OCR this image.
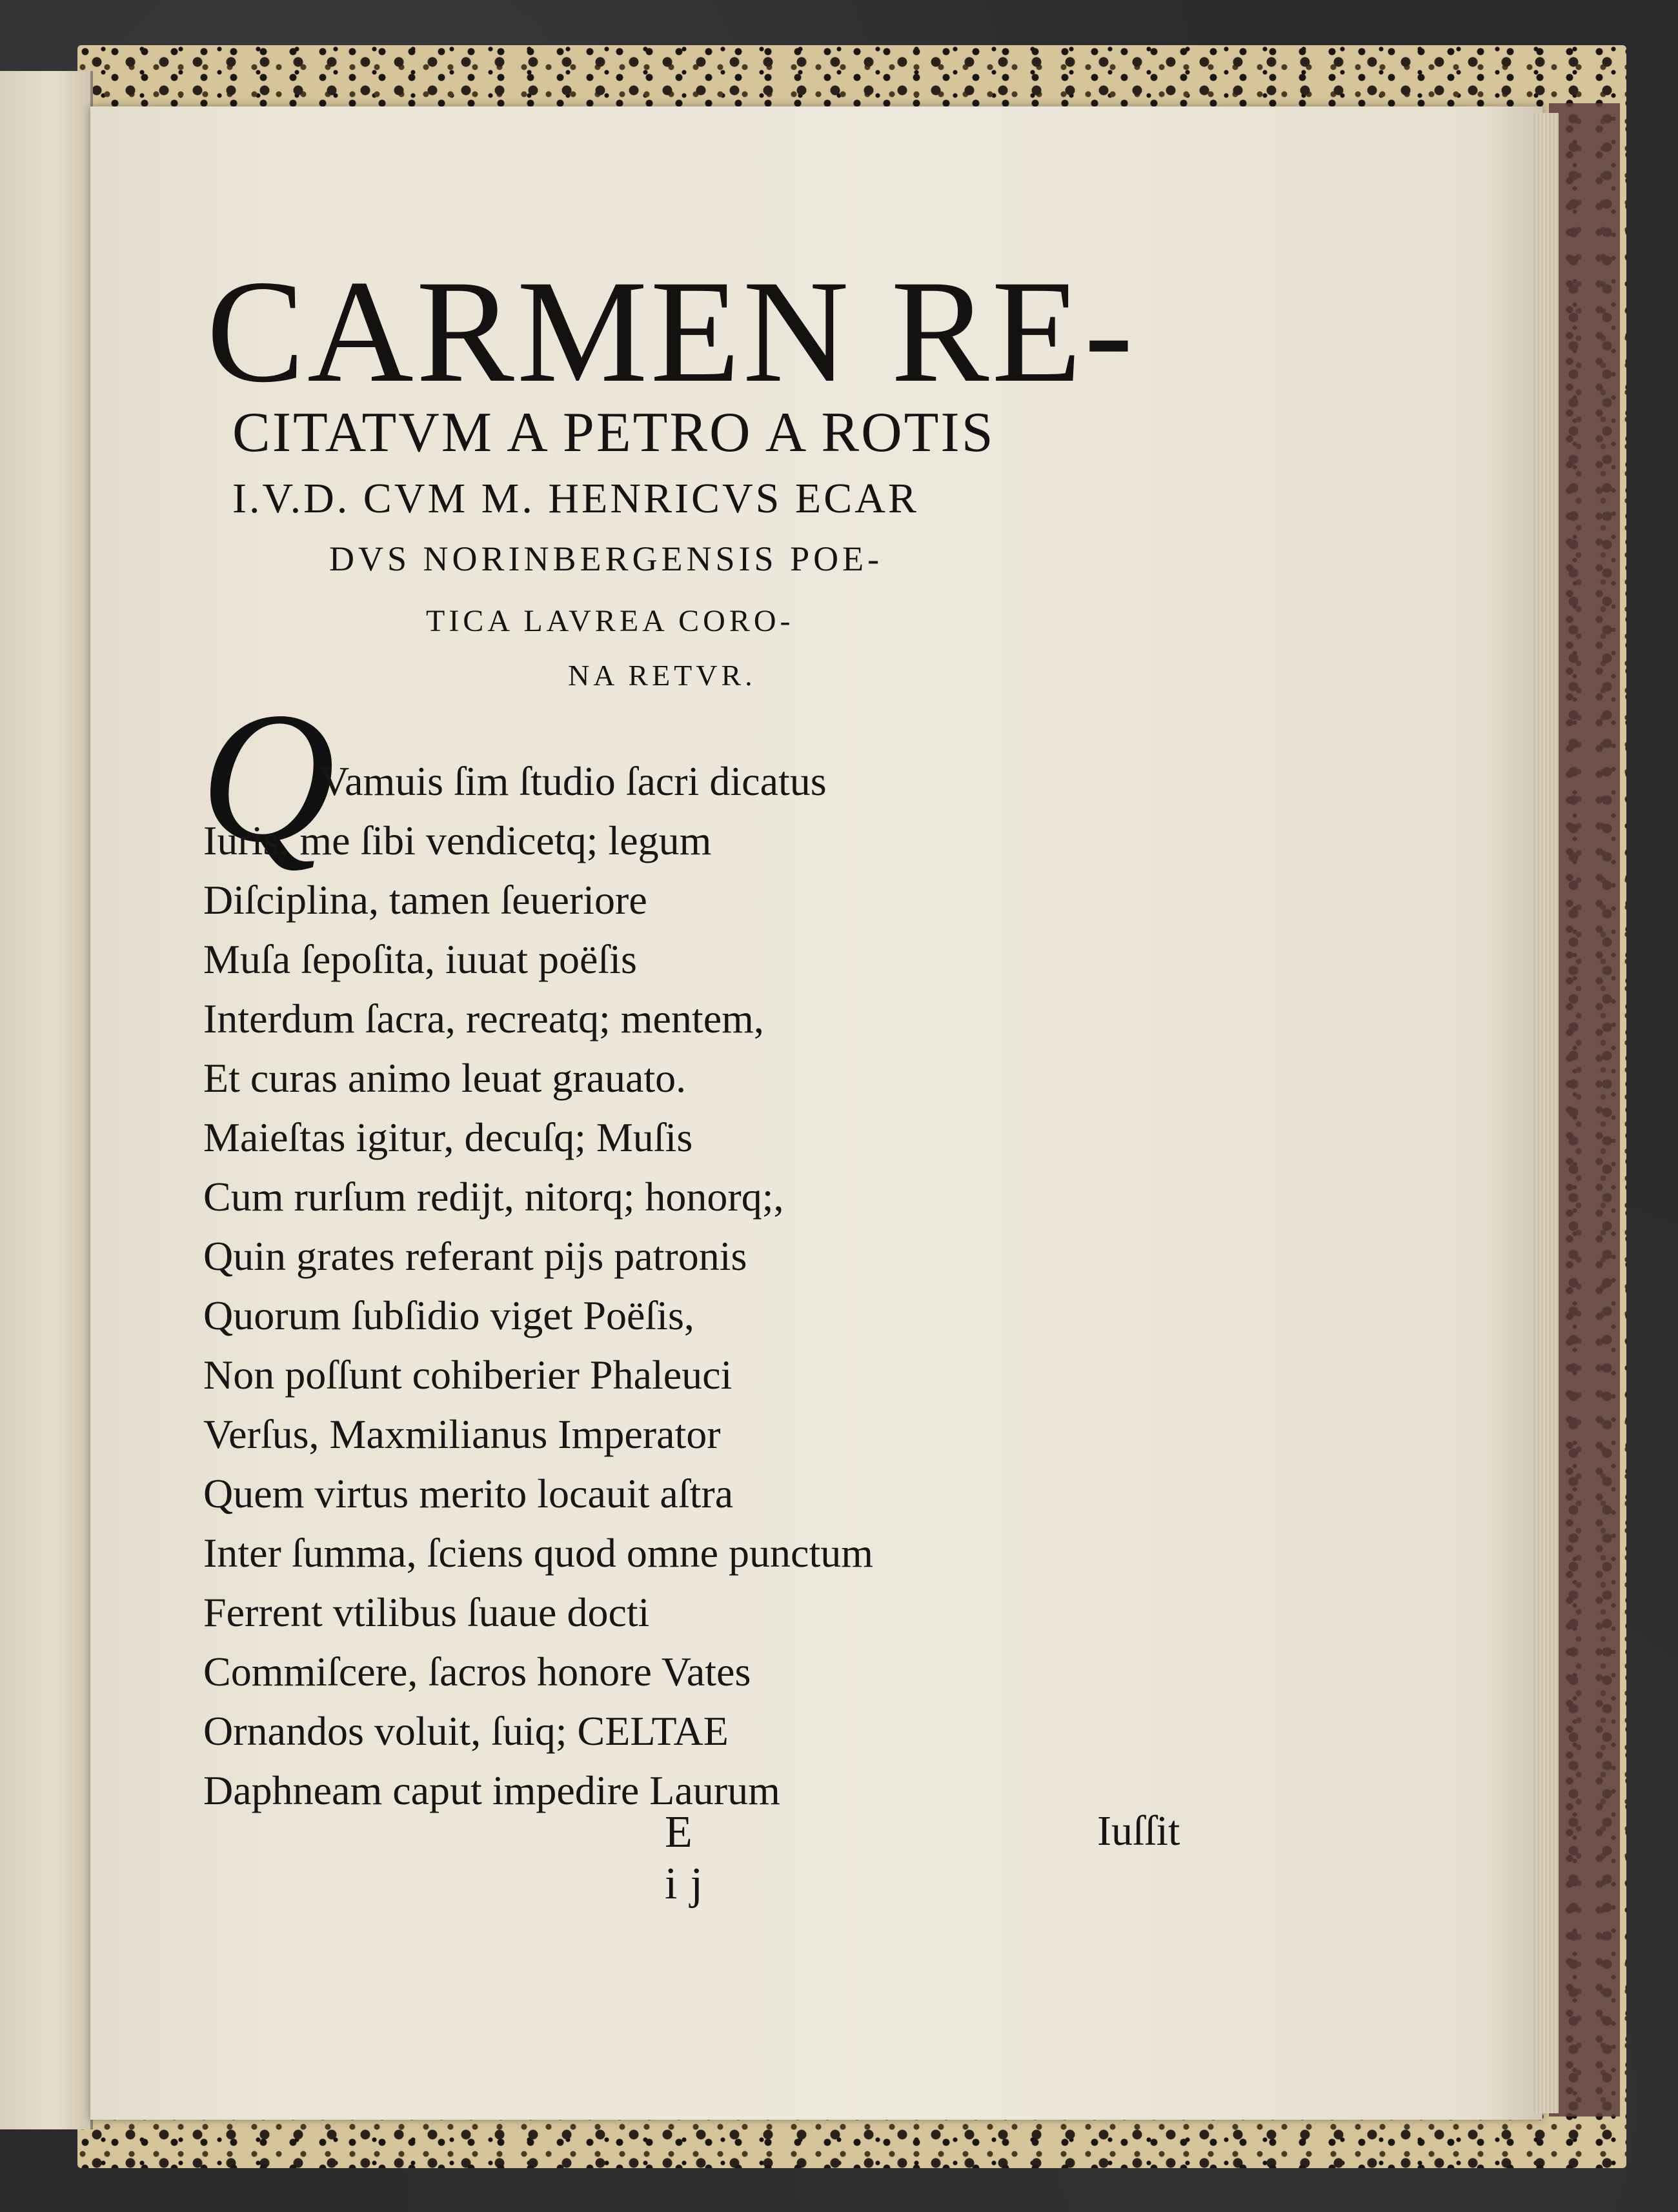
CARMEN RE-
CITATVM A PETRO A ROTIS
I.V.D. CVM M. HENRICVS ECAR
DVS NORINBERGENSIS POE-
TICA LAVREA CORO-
NA RETVR.
Q
Vamuis ſim ſtudio ſacri dicatus
Iuris, me ſibi vendicetq; legum
Diſciplina, tamen ſeueriore
Muſa ſepoſita, iuuat poëſis
Interdum ſacra, recreatq; mentem,
Et curas animo leuat grauato.
Maieſtas igitur, decuſq; Muſis
Cum rurſum redijt, nitorq; honorq;,
Quin grates referant pijs patronis
Quorum ſubſidio viget Poëſis,
Non poſſunt cohiberier Phaleuci
Verſus, Maxmilianus Imperator
Quem virtus merito locauit aſtra
Inter ſumma, ſciens quod omne punctum
Ferrent vtilibus ſuaue docti
Commiſcere, ſacros honore Vates
Ornandos voluit, ſuiq; CELTAE
Daphneam caput impedire Laurum
E ij
Iuſſit
